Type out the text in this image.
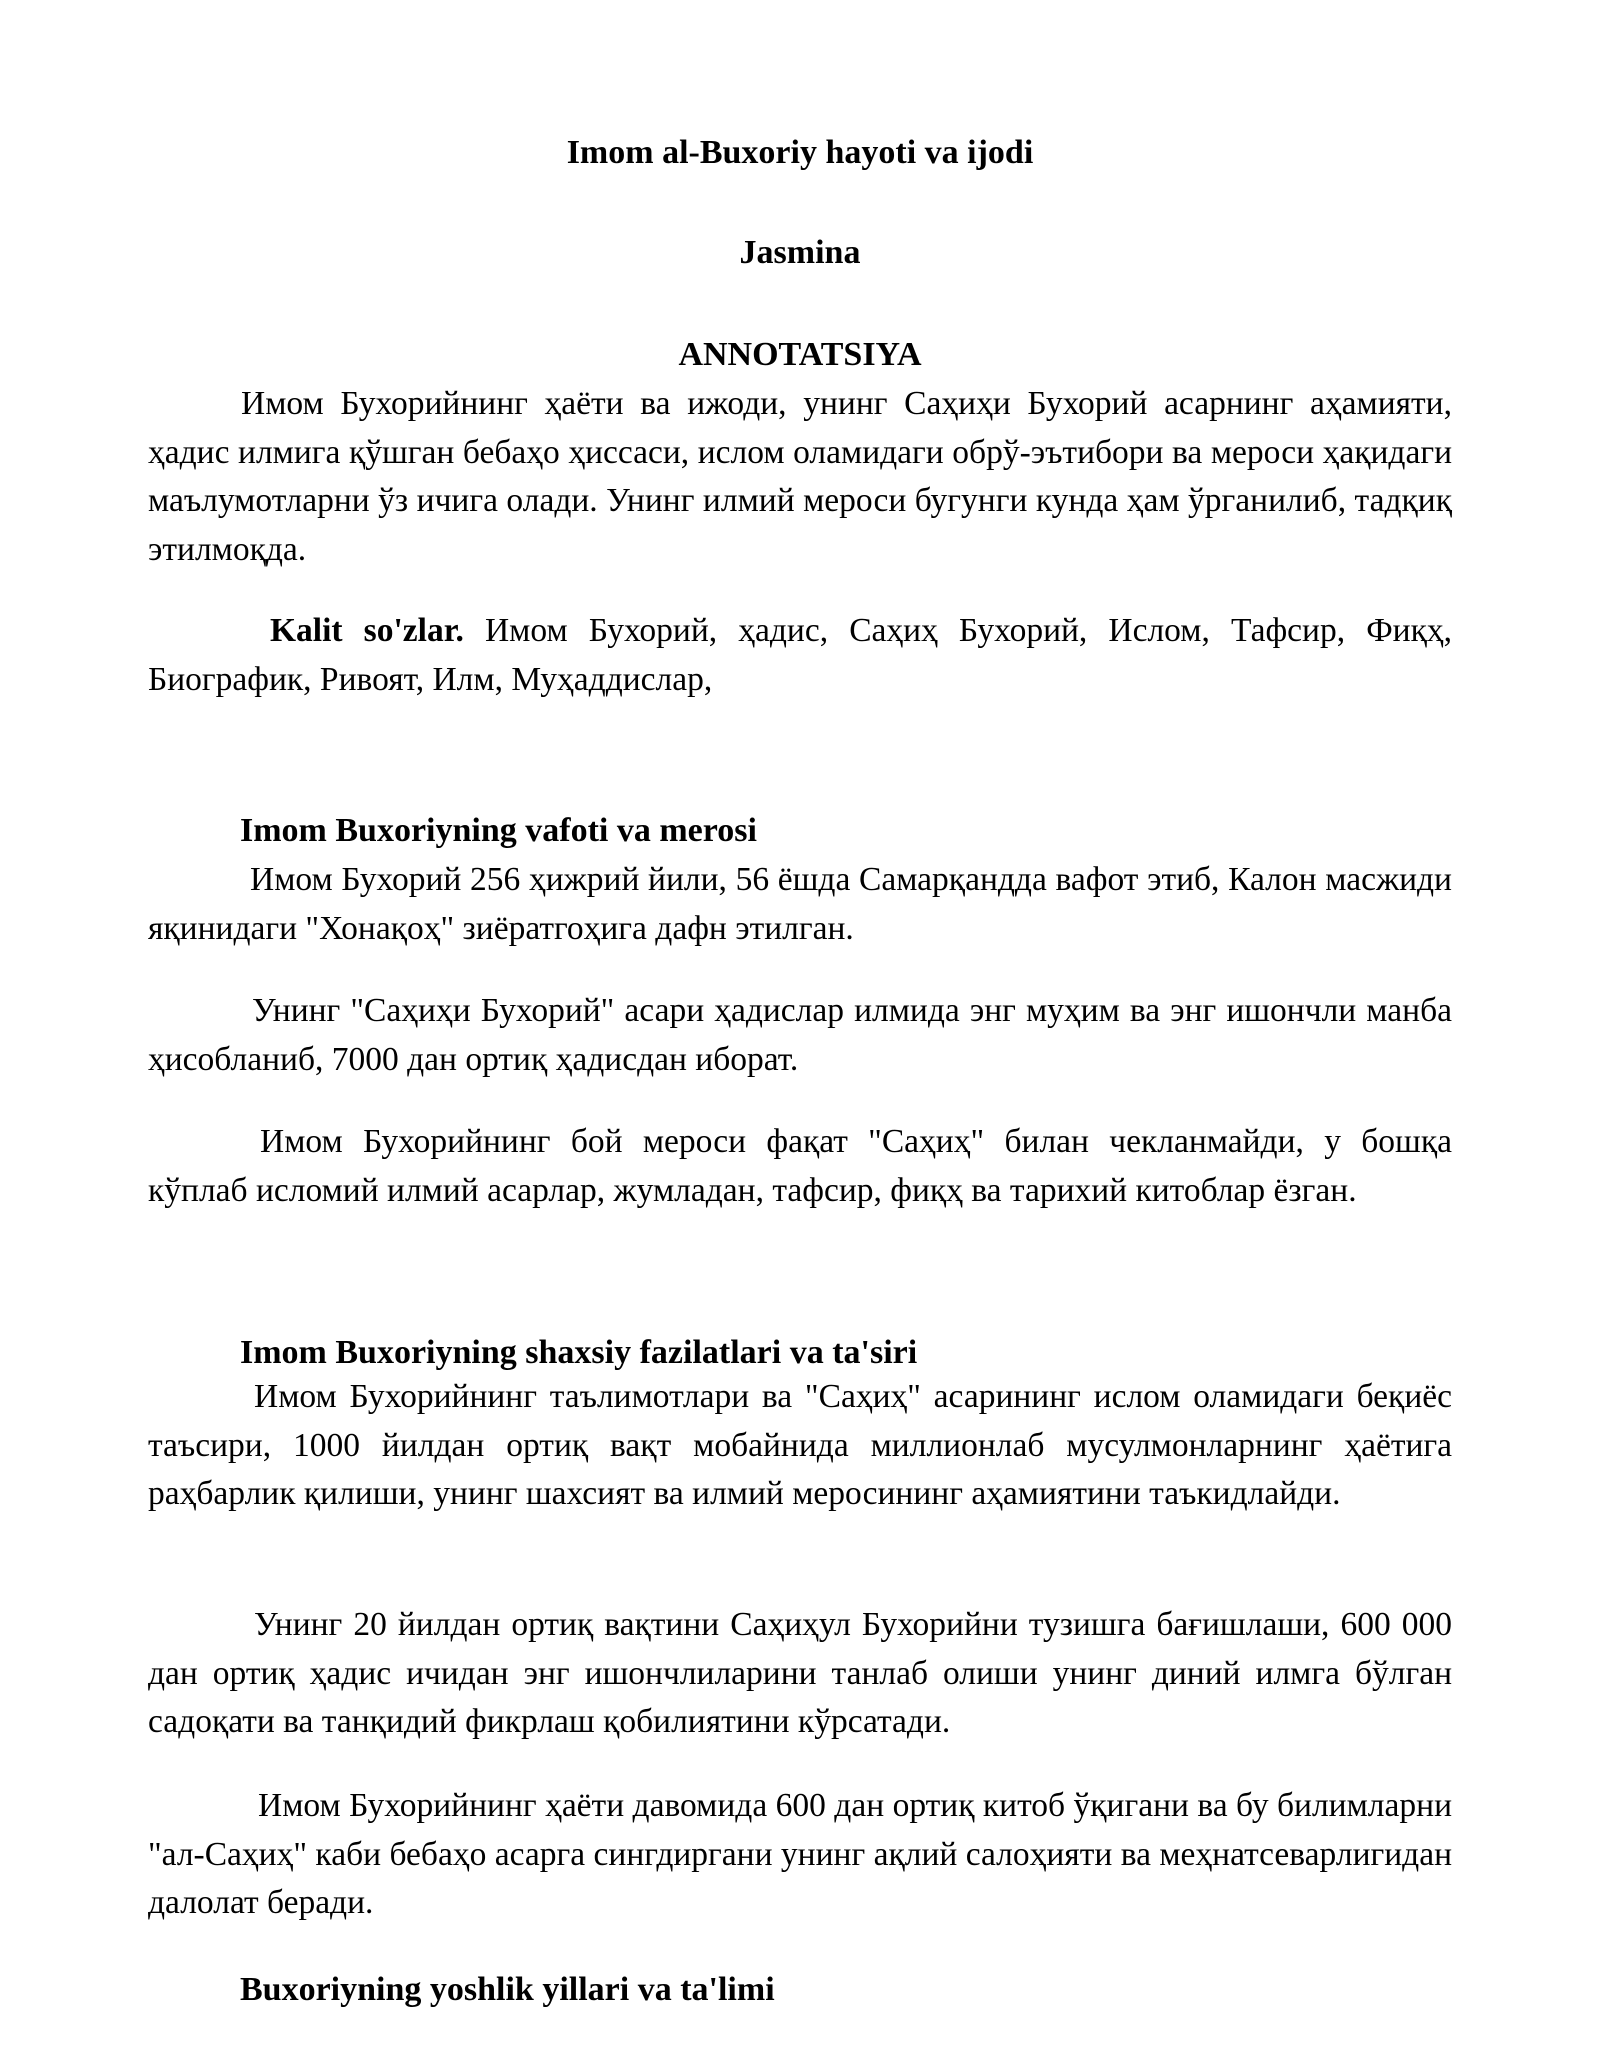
Imom al-Buxoriy hayoti va ijodi
Jasmina
ANNOTATSIYA
Имом Бухорийнинг ҳаёти ва ижоди, унинг Саҳиҳи Бухорий асарнинг аҳамияти, ҳадис илмига қўшган бебаҳо ҳиссаси, ислом оламидаги обрў-эътибори ва мероси ҳақидаги маълумотларни ўз ичига олади. Унинг илмий мероси бугунги кунда ҳам ўрганилиб, тадқиқ этилмоқда.
Kalit so'zlar. Имом Бухорий, ҳадис, Саҳиҳ Бухорий, Ислом, Тафсир, Фиқҳ, Биографик, Ривоят, Илм, Муҳаддислар,
Imom Buxoriyning vafoti va merosi
Имом Бухорий 256 ҳижрий йили, 56 ёшда Самарқандда вафот этиб, Калон масжиди яқинидаги "Хонақоҳ" зиёратгоҳига дафн этилган.
Унинг "Саҳиҳи Бухорий" асари ҳадислар илмида энг муҳим ва энг ишончли манба ҳисобланиб, 7000 дан ортиқ ҳадисдан иборат.
Имом Бухорийнинг бой мероси фақат "Саҳиҳ" билан чекланмайди, у бошқа кўплаб исломий илмий асарлар, жумладан, тафсир, фиқҳ ва тарихий китоблар ёзган.
Imom Buxoriyning shaxsiy fazilatlari va ta'siri
Имом Бухорийнинг таълимотлари ва "Саҳиҳ" асарининг ислом оламидаги беқиёс таъсири, 1000 йилдан ортиқ вақт мобайнида миллионлаб мусулмонларнинг ҳаётига раҳбарлик қилиши, унинг шахсият ва илмий меросининг аҳамиятини таъкидлайди.
Унинг 20 йилдан ортиқ вақтини Саҳиҳул Бухорийни тузишга бағишлаши, 600 000 дан ортиқ ҳадис ичидан энг ишончлиларини танлаб олиши унинг диний илмга бўлган садоқати ва танқидий фикрлаш қобилиятини кўрсатади.
Имом Бухорийнинг ҳаёти давомида 600 дан ортиқ китоб ўқигани ва бу билимларни "ал-Саҳиҳ" каби бебаҳо асарга сингдиргани унинг ақлий салоҳияти ва меҳнатсеварлигидан далолат беради.
Buxoriyning yoshlik yillari va ta'limi
